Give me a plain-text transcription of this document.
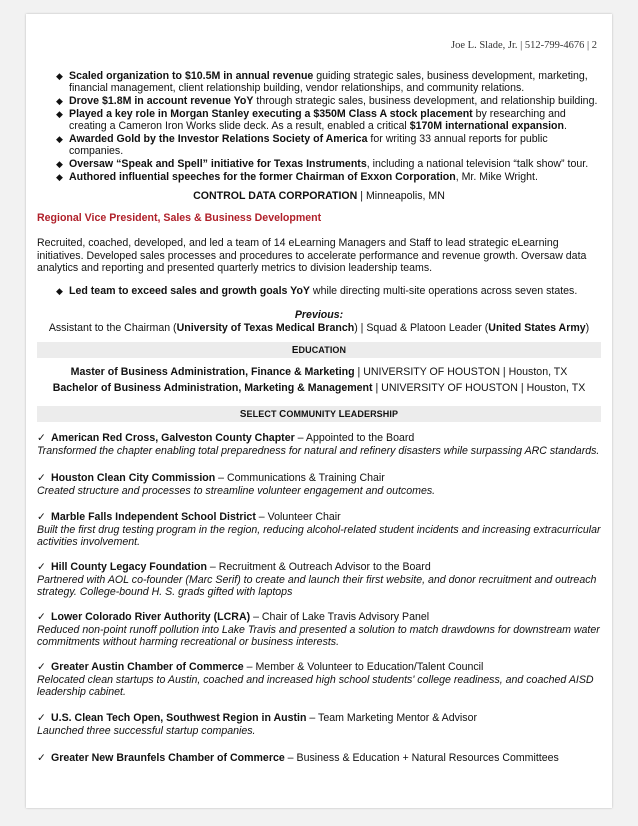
Joe L. Slade, Jr. | 512-799-4676 | 2
◆ Scaled organization to $10.5M in annual revenue guiding strategic sales, business development, marketing, financial management, client relationship building, vendor relationships, and community relations.
◆ Drove $1.8M in account revenue YoY through strategic sales, business development, and relationship building.
◆ Played a key role in Morgan Stanley executing a $350M Class A stock placement by researching and creating a Cameron Iron Works slide deck. As a result, enabled a critical $170M international expansion.
◆ Awarded Gold by the Investor Relations Society of America for writing 33 annual reports for public companies.
◆ Oversaw “Speak and Spell” initiative for Texas Instruments, including a national television “talk show” tour.
◆ Authored influential speeches for the former Chairman of Exxon Corporation, Mr. Mike Wright.
CONTROL DATA CORPORATION | Minneapolis, MN
Regional Vice President, Sales & Business Development
Recruited, coached, developed, and led a team of 14 eLearning Managers and Staff to lead strategic eLearning initiatives. Developed sales processes and procedures to accelerate performance and revenue growth. Oversaw data analytics and reporting and presented quarterly metrics to division leadership teams.
◆ Led team to exceed sales and growth goals YoY while directing multi-site operations across seven states.
Previous:
Assistant to the Chairman (University of Texas Medical Branch) | Squad & Platoon Leader (United States Army)
EDUCATION
Master of Business Administration, Finance & Marketing | UNIVERSITY OF HOUSTON | Houston, TX
Bachelor of Business Administration, Marketing & Management | UNIVERSITY OF HOUSTON | Houston, TX
SELECT COMMUNITY LEADERSHIP
✓ American Red Cross, Galveston County Chapter – Appointed to the Board
Transformed the chapter enabling total preparedness for natural and refinery disasters while surpassing ARC standards.
✓ Houston Clean City Commission – Communications & Training Chair
Created structure and processes to streamline volunteer engagement and outcomes.
✓ Marble Falls Independent School District – Volunteer Chair
Built the first drug testing program in the region, reducing alcohol-related student incidents and increasing extracurricular activities involvement.
✓ Hill County Legacy Foundation – Recruitment & Outreach Advisor to the Board
Partnered with AOL co-founder (Marc Serif) to create and launch their first website, and donor recruitment and outreach strategy. College-bound H. S. grads gifted with laptops
✓ Lower Colorado River Authority (LCRA) – Chair of Lake Travis Advisory Panel
Reduced non-point runoff pollution into Lake Travis and presented a solution to match drawdowns for downstream water commitments without harming recreational or business interests.
✓ Greater Austin Chamber of Commerce – Member & Volunteer to Education/Talent Council
Relocated clean startups to Austin, coached and increased high school students' college readiness, and coached AISD leadership cabinet.
✓ U.S. Clean Tech Open, Southwest Region in Austin – Team Marketing Mentor & Advisor
Launched three successful startup companies.
✓ Greater New Braunfels Chamber of Commerce – Business & Education + Natural Resources Committees
